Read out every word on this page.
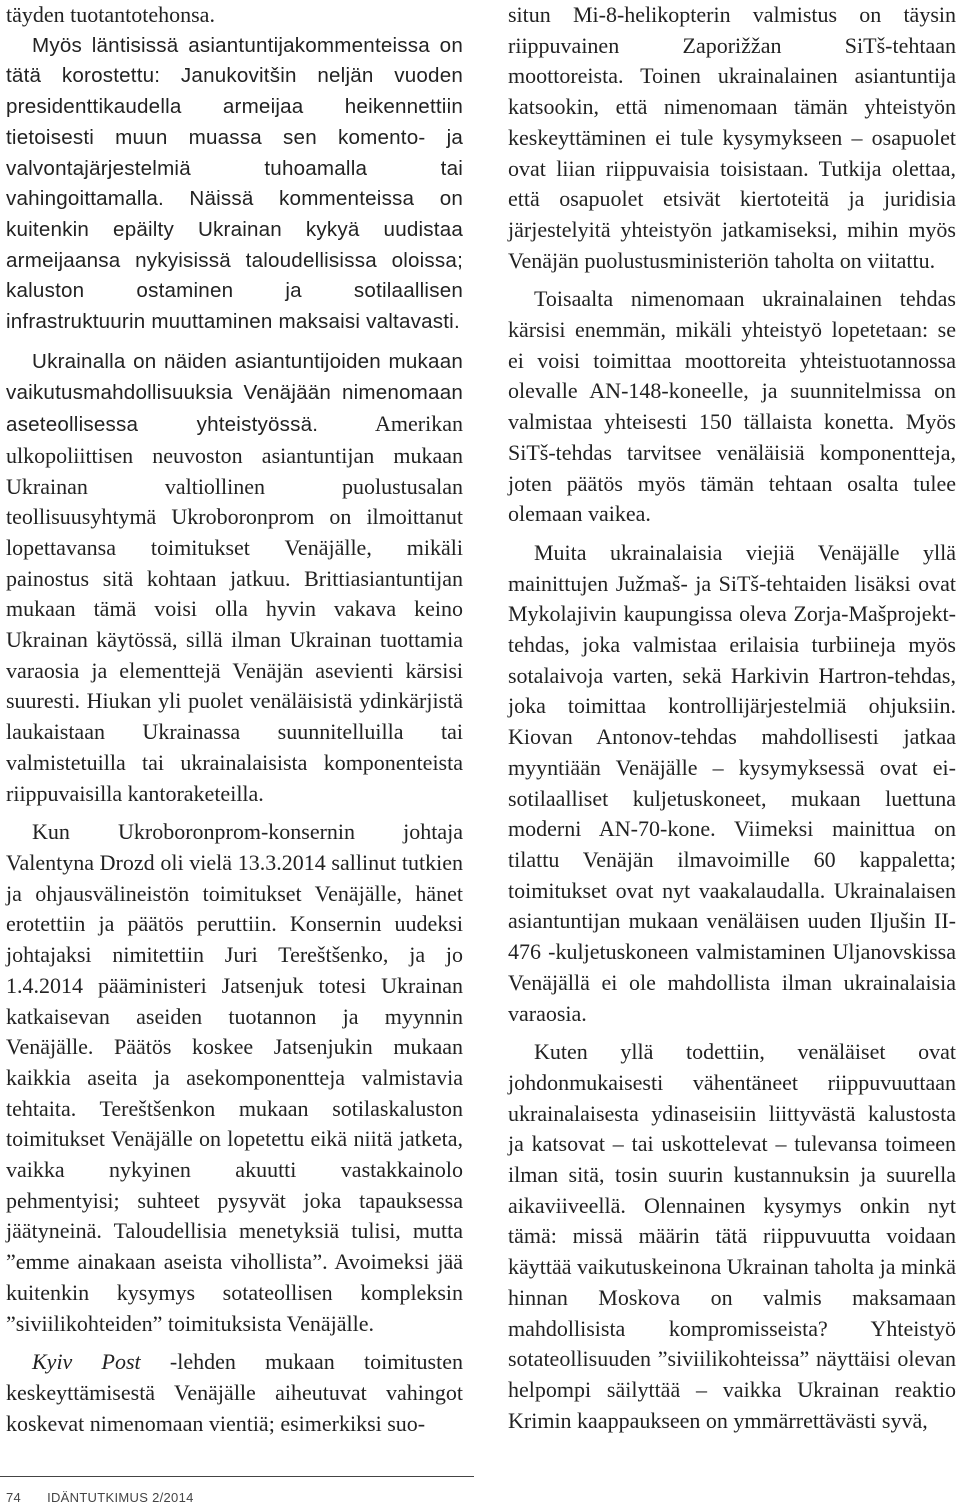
täyden tuotantotehonsa.

Myös läntisissä asiantuntijakommenteissa on tätä korostettu: Janukovitšin neljän vuoden presidenttikaudella armeijaa heikennettiin tietoisesti muun muassa sen komento- ja valvontajärjestelmiä tuhoamalla tai vahingoittamalla. Näissä kommenteissa on kuitenkin epäilty Ukrainan kykyä uudistaa armeijaansa nykyisissä taloudellisissa oloissa; kaluston ostaminen ja sotilaallisen infrastruktuurin muuttaminen maksaisi valtavasti.

Ukrainalla on näiden asiantuntijoiden mukaan vaikutusmahdollisuuksia Venäjään nimenomaan aseteollisessa yhteistyössä.	Amerikan ulkopoliittisen neuvoston asiantuntijan mukaan Ukrainan valtiollinen puolustusalan teollisuusyhtymä Ukroboronprom on ilmoittanut lopettavansa toimitukset Venäjälle, mikäli painostus sitä kohtaan jatkuu. Brittiasiantuntijan mukaan tämä voisi olla hyvin vakava keino Ukrainan käytössä, sillä ilman Ukrainan tuottamia varaosia ja elementtejä Venäjän asevienti kärsisi suuresti. Hiukan yli puolet venäläisistä ydinkärjistä laukaistaan Ukrainassa suunnitelluilla tai valmistetuilla tai ukrainalaisista komponenteista riippuvaisilla kantoraketeilla.

Kun Ukroboronprom-konsernin johtaja Valentyna Drozd oli vielä 13.3.2014 sallinut tutkien ja ohjausvälineistön toimitukset Venäjälle, hänet erotettiin ja päätös peruttiin. Konsernin uudeksi johtajaksi nimitettiin Juri Tereštšenko, ja jo 1.4.2014 pääministeri Jatsenjuk totesi Ukrainan katkaisevan aseiden tuotannon ja myynnin Venäjälle. Päätös koskee Jatsenjukin mukaan kaikkia aseita ja asekomponentteja valmistavia tehtaita. Tereštšenkon mukaan sotilaskaluston toimitukset Venäjälle on lopetettu eikä niitä jatketa, vaikka nykyinen akuutti vastakkainolo pehmentyisi; suhteet pysyvät joka tapauksessa jäätyneinä. Taloudellisia menetyksiä tulisi, mutta ”emme ainakaan aseista vihollista”. Avoimeksi jää kuitenkin kysymys sotateollisen kompleksin ”siviilikohteiden” toimituksista Venäjälle.

Kyiv Post -lehden mukaan toimitusten keskeyttämisestä Venäjälle aiheutuvat vahingot koskevat nimenomaan vientiä; esimerkiksi suo-

situn Mi-8-helikopterin valmistus on täysin riippuvainen Zaporižžan SiTš-tehtaan moottoreista. Toinen ukrainalainen asiantuntija katsookin, että nimenomaan tämän yhteistyön keskeyttäminen ei tule kysymykseen – osapuolet ovat liian riippuvaisia toisistaan. Tutkija olettaa, että osapuolet etsivät kiertoteitä ja juridisia järjestelyitä yhteistyön jatkamiseksi, mihin myös Venäjän puolustusministeriön taholta on viitattu.

Toisaalta nimenomaan ukrainalainen tehdas kärsisi enemmän, mikäli yhteistyö lopetetaan: se ei voisi toimittaa moottoreita yhteistuotannossa olevalle AN-148-koneelle, ja suunnitelmissa on valmistaa yhteisesti 150 tällaista konetta. Myös SiTš-tehdas tarvitsee venäläisiä komponentteja, joten päätös myös tämän tehtaan osalta tulee olemaan vaikea.

Muita ukrainalaisia viejiä Venäjälle yllä mainittujen Južmaš- ja SiTš-tehtaiden lisäksi ovat Mykolajivin kaupungissa oleva Zorja-Mašprojekt-tehdas, joka valmistaa erilaisia turbiineja myös sotalaivoja varten, sekä Harkivin Hartron-tehdas, joka toimittaa kontrollijärjestelmiä ohjuksiin. Kiovan Antonov-tehdas mahdollisesti jatkaa myyntiään Venäjälle – kysymyksessä ovat ei-sotilaalliset kuljetuskoneet, mukaan luettuna moderni AN-70-kone. Viimeksi mainittua on tilattu Venäjän ilmavoimille 60 kappaletta; toimitukset ovat nyt vaakalaudalla. Ukrainalaisen asiantuntijan mukaan venäläisen uuden Iljušin II-476 -kuljetuskoneen valmistaminen Uljanovskissa Venäjällä ei ole mahdollista ilman ukrainalaisia varaosia.

Kuten yllä todettiin, venäläiset ovat johdonmukaisesti vähentäneet riippuvuuttaan ukrainalaisesta ydinaseisiin liittyvästä kalustosta ja katsovat – tai uskottelevat – tulevansa toimeen ilman sitä, tosin suurin kustannuksin ja suurella aikaviiveellä. Olennainen kysymys onkin nyt tämä: missä määrin tätä riippuvuutta voidaan käyttää vaikutuskeinona Ukrainan taholta ja minkä hinnan Moskova on valmis maksamaan mahdollisista kompromisseista? Yhteistyö sotateollisuuden ”siviilikohteissa” näyttäisi olevan helpompi säilyttää – vaikka Ukrainan reaktio Krimin kaappaukseen on ymmärrettävästi syvä,

74 IDÄNTUTKIMUS 2/2014
